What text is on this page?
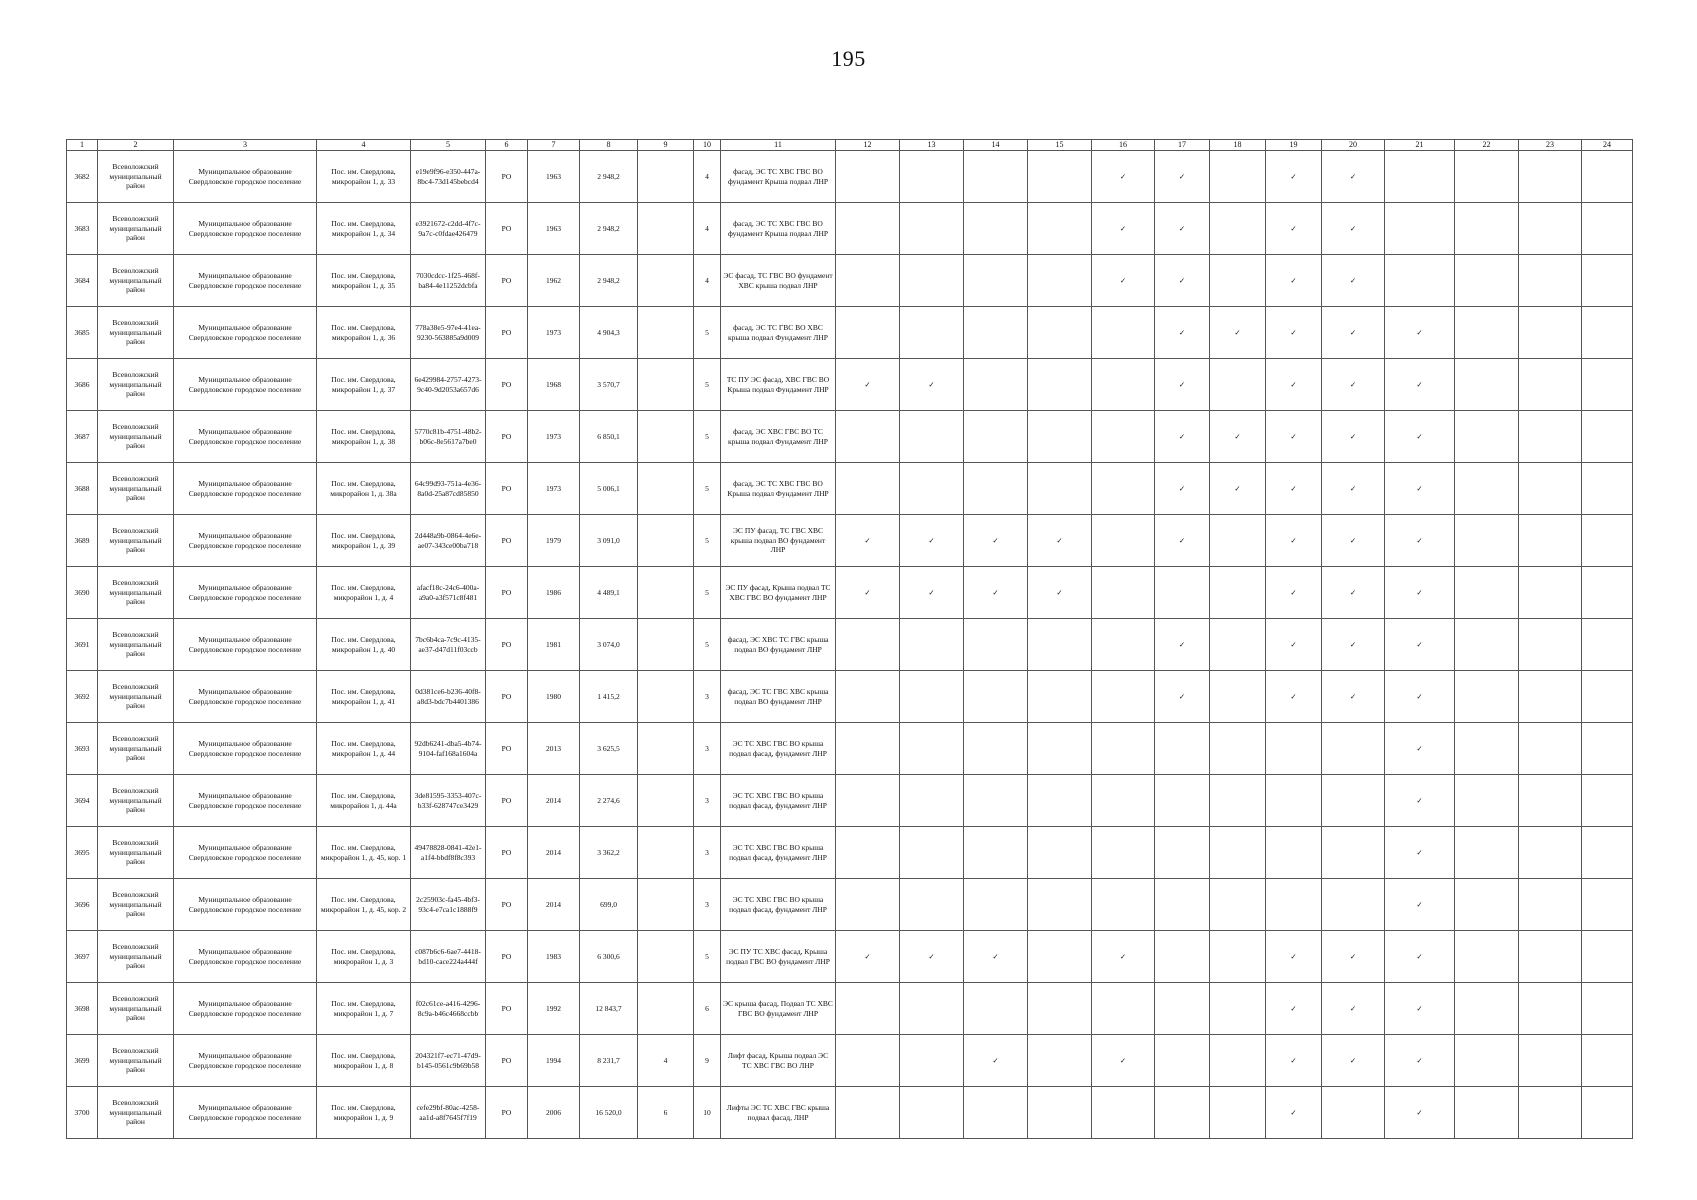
195
1	2	3	4	5	6	7	8	9	10	11	12	13	14	15	16	17	18	19	20	21	22	23	24
3682	Всеволожский муниципальный район	Муниципальное образование Свердловское городское поселение	Пос. им. Свердлова, микрорайон 1, д. 33	e19e9f96-e350-447a-8bc4-73d145bebcd4	РО	1963	2 948,2		4	фасад, ЭС ТС ХВС ГВС ВО фундамент Крыша подвал ЛНР					✓	✓		✓	✓				
3683	Всеволожский муниципальный район	Муниципальное образование Свердловское городское поселение	Пос. им. Свердлова, микрорайон 1, д. 34	e3921672-c2dd-4f7c-9a7c-c0fdae426479	РО	1963	2 948,2		4	фасад, ЭС ТС ХВС ГВС ВО фундамент Крыша подвал ЛНР					✓	✓		✓	✓				
3684	Всеволожский муниципальный район	Муниципальное образование Свердловское городское поселение	Пос. им. Свердлова, микрорайон 1, д. 35	7030cdcc-1f25-468f-ba84-4e11252dcbfa	РО	1962	2 948,2		4	ЭС фасад, ТС ГВС ВО фундамент ХВС крыша подвал ЛНР					✓	✓		✓	✓				
3685	Всеволожский муниципальный район	Муниципальное образование Свердловское городское поселение	Пос. им. Свердлова, микрорайон 1, д. 36	778a38e5-97e4-41ea-9230-563885a9d009	РО	1973	4 904,3		5	фасад, ЭС ТС ГВС ВО ХВС крыша подвал Фундамент ЛНР						✓	✓	✓	✓	✓			
3686	Всеволожский муниципальный район	Муниципальное образование Свердловское городское поселение	Пос. им. Свердлова, микрорайон 1, д. 37	6e429984-2757-4273-9c40-9d2053a657d6	РО	1968	3 570,7		5	ТС ПУ ЭС фасад, ХВС ГВС ВО Крыша подвал Фундамент ЛНР	✓	✓				✓		✓	✓	✓			
3687	Всеволожский муниципальный район	Муниципальное образование Свердловское городское поселение	Пос. им. Свердлова, микрорайон 1, д. 38	5770c81b-4751-48b2-b06c-8e5617a7be0	РО	1973	6 850,1		5	фасад, ЭС ХВС ГВС ВО ТС крыша подвал Фундамент ЛНР						✓	✓	✓	✓	✓			
3688	Всеволожский муниципальный район	Муниципальное образование Свердловское городское поселение	Пос. им. Свердлова, микрорайон 1, д. 38а	64c99d93-751a-4e36-8a0d-25a87cd85850	РО	1973	5 006,1		5	фасад, ЭС ТС ХВС ГВС ВО Крыша подвал Фундамент ЛНР						✓	✓	✓	✓	✓			
3689	Всеволожский муниципальный район	Муниципальное образование Свердловское городское поселение	Пос. им. Свердлова, микрорайон 1, д. 39	2d448a9b-0864-4e6e-ae07-343ce00ba718	РО	1979	3 091,0		5	ЭС ПУ фасад, ТС ГВС ХВС крыша подвал ВО фундамент ЛНР	✓	✓	✓	✓		✓		✓	✓	✓			
3690	Всеволожский муниципальный район	Муниципальное образование Свердловское городское поселение	Пос. им. Свердлова, микрорайон 1, д. 4	afacf18c-24c6-400a-a9a0-a3f571c8f481	РО	1986	4 489,1		5	ЭС ПУ фасад, Крыша подвал ТС ХВС ГВС ВО фундамент ЛНР	✓	✓	✓	✓				✓	✓	✓			
3691	Всеволожский муниципальный район	Муниципальное образование Свердловское городское поселение	Пос. им. Свердлова, микрорайон 1, д. 40	7bc6b4ca-7c9c-4135-ae37-d47d11f03ccb	РО	1981	3 074,0		5	фасад, ЭС ХВС ТС ГВС крыша подвал ВО фундамент ЛНР						✓		✓	✓	✓			
3692	Всеволожский муниципальный район	Муниципальное образование Свердловское городское поселение	Пос. им. Свердлова, микрорайон 1, д. 41	0d381ce6-b236-40f8-a8d3-bdc7b4401386	РО	1980	1 415,2		3	фасад, ЭС ТС ГВС ХВС крыша подвал ВО фундамент ЛНР						✓		✓	✓	✓			
3693	Всеволожский муниципальный район	Муниципальное образование Свердловское городское поселение	Пос. им. Свердлова, микрорайон 1, д. 44	92db6241-dba5-4b74-9104-faf168a1604a	РО	2013	3 625,5		3	ЭС ТС ХВС ГВС ВО крыша подвал фасад, фундамент ЛНР										✓			
3694	Всеволожский муниципальный район	Муниципальное образование Свердловское городское поселение	Пос. им. Свердлова, микрорайон 1, д. 44а	3de81595-3353-407c-b33f-628747ce3429	РО	2014	2 274,6		3	ЭС ТС ХВС ГВС ВО крыша подвал фасад, фундамент ЛНР										✓			
3695	Всеволожский муниципальный район	Муниципальное образование Свердловское городское поселение	Пос. им. Свердлова, микрорайон 1, д. 45, кор. 1	49478828-0841-42e1-a1f4-bbdf8f8c393	РО	2014	3 362,2		3	ЭС ТС ХВС ГВС ВО крыша подвал фасад, фундамент ЛНР										✓			
3696	Всеволожский муниципальный район	Муниципальное образование Свердловское городское поселение	Пос. им. Свердлова, микрорайон 1, д. 45, кор. 2	2c25903c-fa45-4bf3-93c4-e7ca1c1888f9	РО	2014	699,0		3	ЭС ТС ХВС ГВС ВО крыша подвал фасад, фундамент ЛНР										✓			
3697	Всеволожский муниципальный район	Муниципальное образование Свердловское городское поселение	Пос. им. Свердлова, микрорайон 1, д. 3	c087b6c6-6ae7-4418-bd10-cace224a444f	РО	1983	6 300,6		5	ЭС ПУ ТС ХВС фасад, Крыша подвал ГВС ВО фундамент ЛНР	✓	✓	✓		✓			✓	✓	✓			
3698	Всеволожский муниципальный район	Муниципальное образование Свердловское городское поселение	Пос. им. Свердлова, микрорайон 1, д. 7	f02c61ce-a416-4296-8c9a-b46c4668ccbb	РО	1992	12 843,7		6	ЭС крыша фасад, Подвал ТС ХВС ГВС ВО фундамент ЛНР								✓	✓	✓			
3699	Всеволожский муниципальный район	Муниципальное образование Свердловское городское поселение	Пос. им. Свердлова, микрорайон 1, д. 8	204321f7-ec71-47d9-b145-0561c9b69b58	РО	1994	8 231,7	4	9	Лифт фасад, Крыша подвал ЭС ТС ХВС ГВС ВО ЛНР			✓		✓			✓	✓	✓			
3700	Всеволожский муниципальный район	Муниципальное образование Свердловское городское поселение	Пос. им. Свердлова, микрорайон 1, д. 9	cefe29bf-80ac-4258-aa1d-a8f7645f7f19	РО	2006	16 520,0	6	10	Лифты ЭС ТС ХВС ГВС крыша подвал фасад, ЛНР								✓		✓			
